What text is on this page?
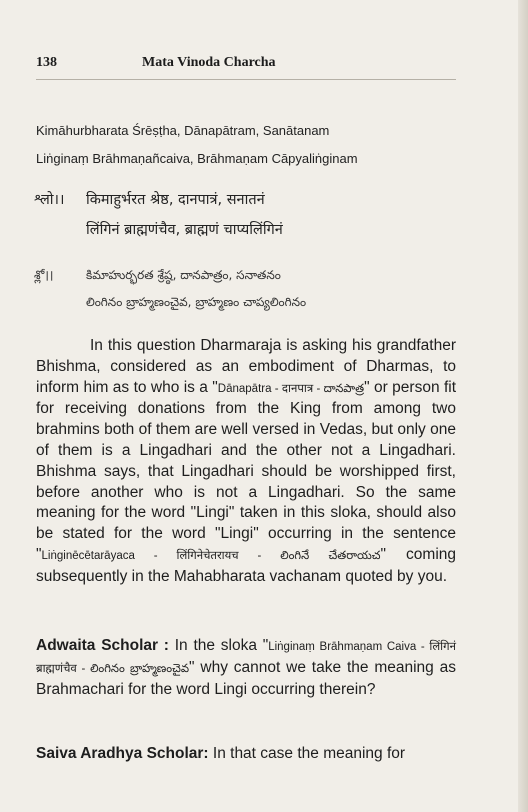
138	Mata Vinoda Charcha
Kimāhurbharata Śrēṣṭha, Dānapātram, Sanātanam
Liṅginaṃ Brāhmaṇañcaiva, Brāhmaṇam Cāpyaliṅginam
श्लो।। किमाहुर्भरत श्रेष्ठ, दानपात्रं, सनातनं
लिंगिनं ब्राह्मणंचैव, ब्राह्मणं चाप्यलिंगिनं
శ్లో।।	కిమాహుర్భరత శ్రేష్ఠ, దానపాత్రం, సనాతనం
లింగినం బ్రాహ్మణంచైవ, బ్రాహ్మణం చాప్యలింగినం

In this question Dharmaraja is asking his grandfather Bhishma, considered as an embodiment of Dharmas, to inform him as to who is a "Dānapātra - दानपात्र - దానపాత్ర" or person fit for receiving donations from the King from among two brahmins both of them are well versed in Vedas, but only one of them is a Lingadhari and the other not a Lingadhari. Bhishma says, that Lingadhari should be worshipped first, before another who is not a Lingadhari. So the same meaning for the word "Lingi" taken in this sloka, should also be stated for the word "Lingi" occurring in the sentence "Liṅginēcētarāyaca - लिंगिनेचेतरायच - లింగినే చేతరాయచ" coming subsequently in the Mahabharata vachanam quoted by you.

Adwaita Scholar : In the sloka "Liṅginaṃ Brāhmaṇam Caiva - लिंगिनं ब्राह्मणंचैव - లింగినం బ్రాహ్మణంచైవ" why cannot we take the meaning as Brahmachari for the word Lingi occurring therein?

Saiva Aradhya Scholar: In that case the meaning for
